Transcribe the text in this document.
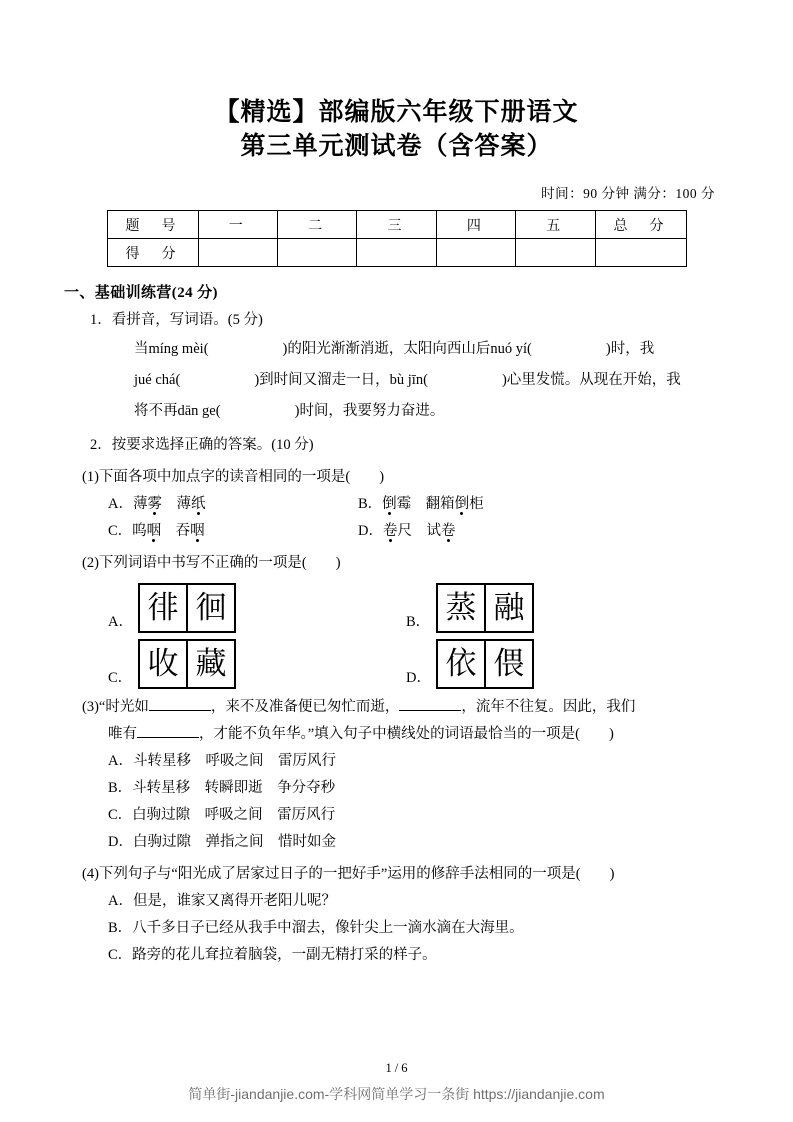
【精选】部编版六年级下册语文
第三单元测试卷（含答案）
时间：90 分钟 满分：100 分
题　号	一	二	三	四	五	总　分
得　分						
一、基础训练营(24 分)
1．看拼音，写词语。(5 分)
当míng mèi(	)的阳光渐渐消逝，太阳向西山后nuó yí(	)时，我
jué chá(	)到时间又溜走一日，bù jīn(	)心里发慌。从现在开始，我
将不再dān ge(	)时间，我要努力奋进。
2．按要求选择正确的答案。(10 分)
(1)下面各项中加点字的读音相同的一项是(　　)
A．薄雾　 薄纸	B．倒霉　 翻箱倒柜
C．呜咽　 吞咽	D．卷尺　 试卷
(2)下列词语中书写不正确的一项是(　　)
A． 徘 徊	B． 蒸 融
C． 收 藏	D． 依 偎
(3)“时光如	，来不及准备便已匆忙而逝，	，流年不往复。因此，我们
唯有	，才能不负年华。”填入句子中横线处的词语最恰当的一项是(　　)
A．斗转星移　呼吸之间　雷厉风行
B．斗转星移　转瞬即逝　争分夺秒
C．白驹过隙　呼吸之间　雷厉风行
D．白驹过隙　弹指之间　惜时如金
(4)下列句子与“阳光成了居家过日子的一把好手”运用的修辞手法相同的一项是(　　)
A．但是，谁家又离得开老阳儿呢？
B．八千多日子已经从我手中溜去，像针尖上一滴水滴在大海里。
C．路旁的花儿耷拉着脑袋，一副无精打采的样子。
1 / 6
简单街-jiandanjie.com-学科网简单学习一条街 https://jiandanjie.com
